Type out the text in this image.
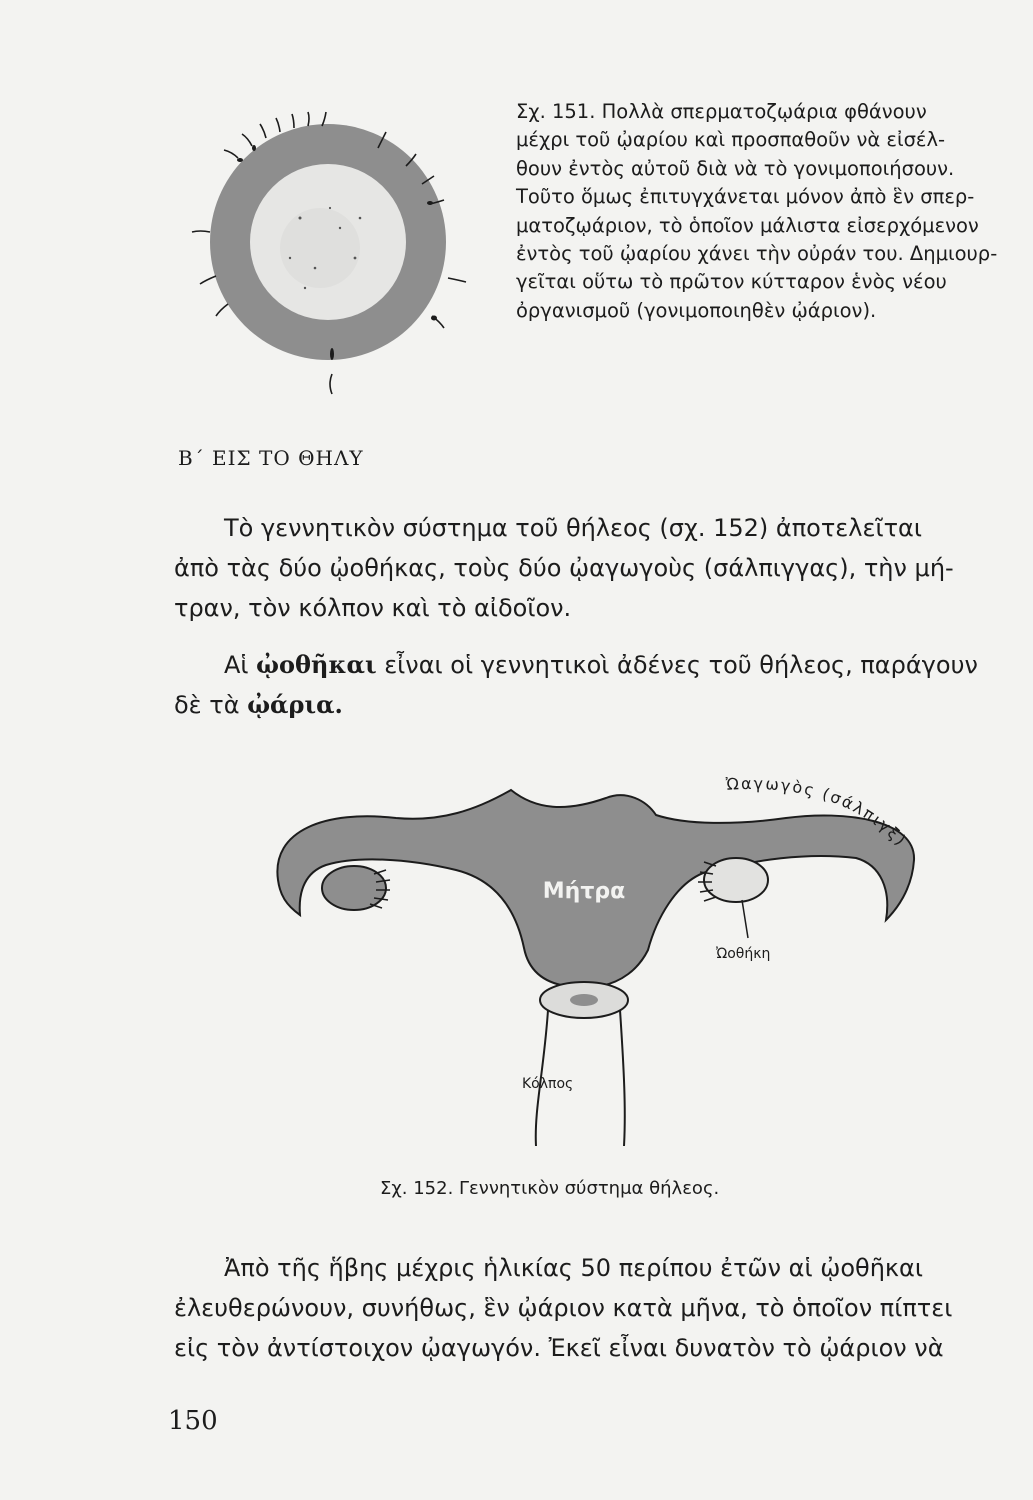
Σχ. 151. Πολλὰ σπερματοζῳάρια φθάνουν
μέχρι τοῦ ᾠαρίου καὶ προσπαθοῦν νὰ εἰσέλ-
θουν ἐντὸς αὐτοῦ διὰ νὰ τὸ γονιμοποιήσουν.
Τοῦτο ὅμως ἐπιτυγχάνεται μόνον ἀπὸ ἓν σπερ-
ματοζῳάριον, τὸ ὁποῖον μάλιστα εἰσερχόμενον
ἐντὸς τοῦ ᾠαρίου χάνει τὴν οὐράν του. Δημιουρ-
γεῖται οὕτω τὸ πρῶτον κύτταρον ἑνὸς νέου
ὀργανισμοῦ (γονιμοποιηθὲν ᾠάριον).
Β΄ ΕΙΣ ΤΟ ΘΗΛΥ
Τὸ γεννητικὸν σύστημα τοῦ θήλεος (σχ. 152) ἀποτελεῖται
ἀπὸ τὰς δύο ᾠοθήκας, τοὺς δύο ᾠαγωγοὺς (σάλπιγγας), τὴν μή-
τραν, τὸν κόλπον καὶ τὸ αἰδοῖον.
Αἱ ᾠοθῆκαι εἶναι οἱ γεννητικοὶ ἀδένες τοῦ θήλεος, παράγουν
δὲ τὰ ᾠάρια.
Μήτρα
Ὠοθήκη
Κόλπος
Ὠαγωγὸς (σάλπιγξ)
Σχ. 152. Γεννητικὸν σύστημα θήλεος.
Ἀπὸ τῆς ἥβης μέχρις ἡλικίας 50 περίπου ἐτῶν αἱ ᾠοθῆκαι
ἐλευθερώνουν, συνήθως, ἓν ᾠάριον κατὰ μῆνα, τὸ ὁποῖον πίπτει
εἰς τὸν ἀντίστοιχον ᾠαγωγόν. Ἐκεῖ εἶναι δυνατὸν τὸ ᾠάριον νὰ
150
